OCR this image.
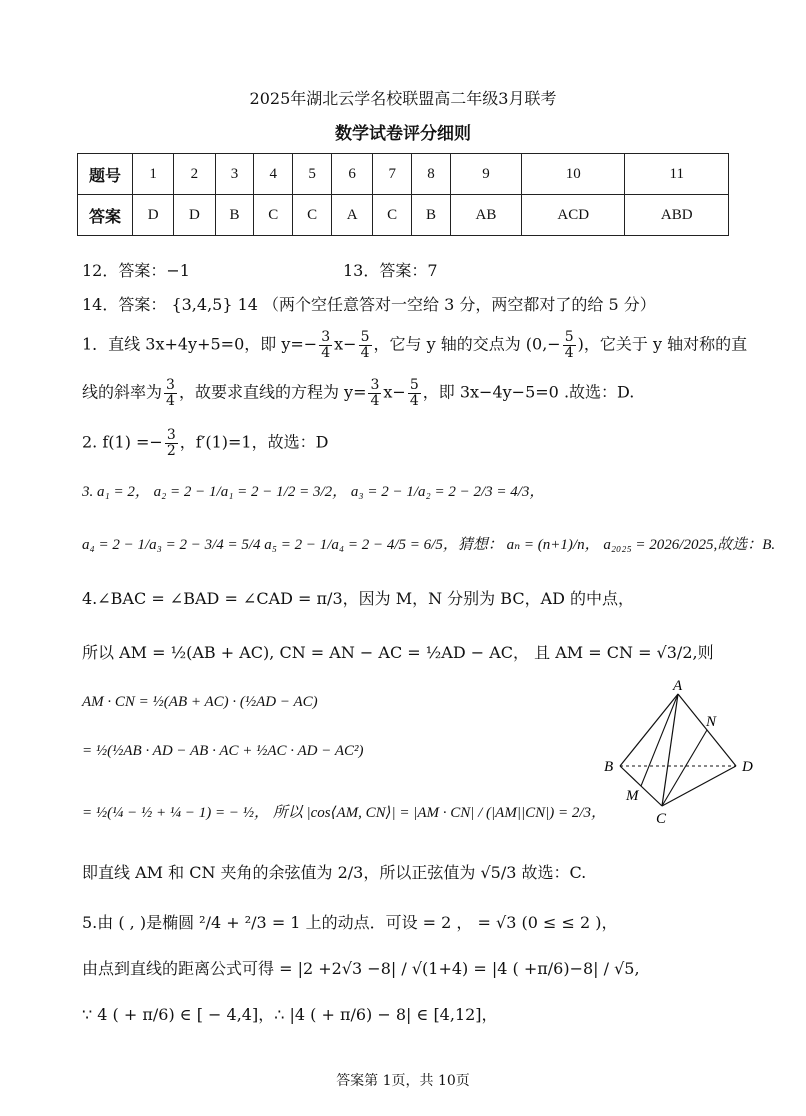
2025年湖北云学名校联盟高二年级3月联考
数学试卷评分细则
题号	1	2	3	4	5	6	7	8	9	10	11
答案	D	D	B	C	C	A	C	B	AB	ACD	ABD
12．答案：−1	13．答案：7
14．答案： {3,4,5} 14 （两个空任意答对一空给 3 分，两空都对了的给 5 分）
1．直线 3x+4y+5=0，即 $y=- \frac{3}{4} x- \frac{5}{4}$ ，它与 y 轴的交点为 ($0,- \frac{5}{4}$ )，它关于 y 轴对称的直
线的斜率为 $\frac{3}{4}$ ，故要求直线的方程为 $y= \frac{3}{4} x- \frac{5}{4}$ ，即 3x−4y−5=0 .故选：D.
2. $f(1) =- \frac{3}{2}$ ，f′(1)=1，故选：D
3. a₁ = 2， a₂ = 2 − 1/a₁ = 2 − 1/2 = 3/2， a₃ = 2 − 1/a₂ = 2 − 2/3 = 4/3，
a₄ = 2 − 1/a₃ = 2 − 3/4 = 5/4 a₅ = 2 − 1/a₄ = 2 − 4/5 = 6/5，猜想： aₙ = (n+1)/n， a₂₀₂₅ = 2026/2025,故选：B.
4.∠BAC = ∠BAD = ∠CAD = π/3，因为 M，N 分别为 BC，AD 的中点，
所以 AM = ½(AB + AC), CN = AN − AC = ½AD − AC， 且 AM = CN = √3/2,则
AM · CN = ½(AB + AC) · (½AD − AC)
= ½(½AB · AD − AB · AC + ½AC · AD − AC²)
= ½(¼ − ½ + ¼ − 1) = − ½， 所以 |cos⟨AM, CN⟩| = |AM · CN| / (|AM||CN|) = 2/3，
即直线 AM 和 CN 夹角的余弦值为 2/3，所以正弦值为 √5/3 故选：C.
A
N
B	D
M
C
5.由 ( , )是椭圆 ²/4 + ²/3 = 1 上的动点．可设 = 2 ， = √3 (0 ≤ ≤ 2 )，
由点到直线的距离公式可得 = |2 +2√3 −8| / √(1+4) = |4 ( +π/6)−8| / √5,
∵ 4 ( + π/6) ∈ [ − 4,4]，∴ |4 ( + π/6) − 8| ∈ [4,12]，
答案第 1页，共 10页
